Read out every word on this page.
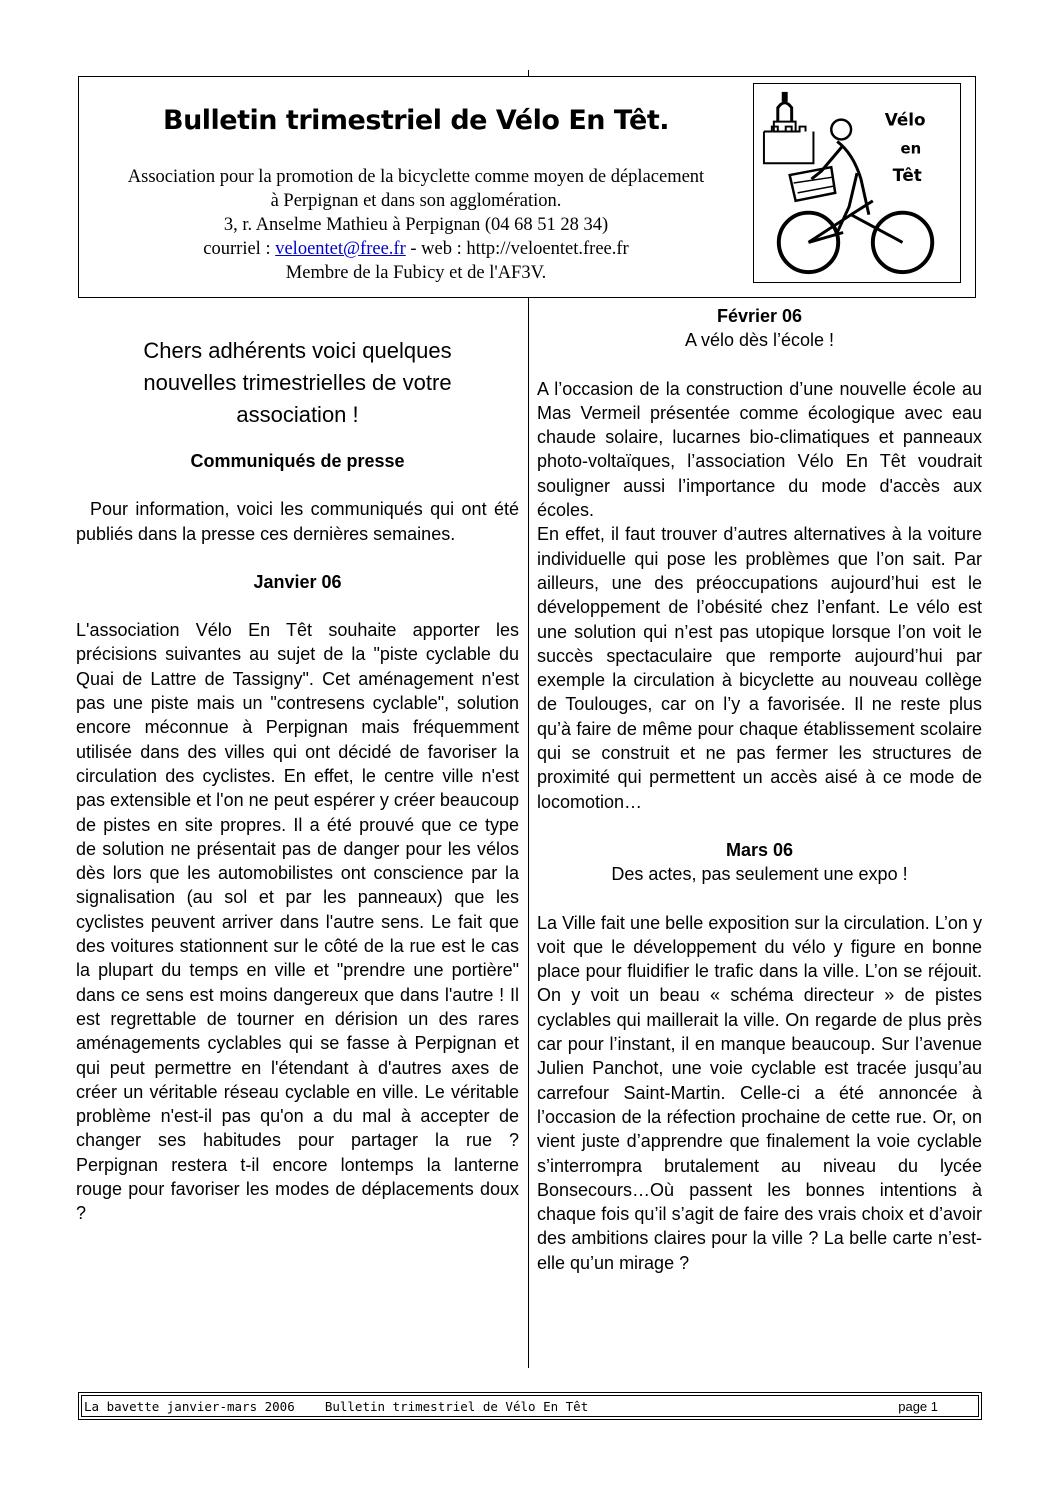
Bulletin trimestriel de Vélo En Têt.
Association pour la promotion de la bicyclette comme moyen de déplacement
à Perpignan et dans son agglomération.
3, r. Anselme Mathieu à Perpignan (04 68 51 28 34)
courriel : veloentet@free.fr - web : http://veloentet.free.fr
Membre de la Fubicy et de l'AF3V.
Vélo
en
Têt

Chers adhérents voici quelques nouvelles trimestrielles de votre association !

Communiqués de presse

Pour information, voici les communiqués qui ont été publiés dans la presse ces dernières semaines.

Janvier 06

L'association Vélo En Têt souhaite apporter les précisions suivantes au sujet de la "piste cyclable du Quai de Lattre de Tassigny". Cet aménagement n'est pas une piste mais un "contresens cyclable", solution encore méconnue à Perpignan mais fréquemment utilisée dans des villes qui ont décidé de favoriser la circulation des cyclistes. En effet, le centre ville n'est pas extensible et l'on ne peut espérer y créer beaucoup de pistes en site propres. Il a été prouvé que ce type de solution ne présentait pas de danger pour les vélos dès lors que les automobilistes ont conscience par la signalisation (au sol et par les panneaux) que les cyclistes peuvent arriver dans l'autre sens. Le fait que des voitures stationnent sur le côté de la rue est le cas la plupart du temps en ville et "prendre une portière" dans ce sens est moins dangereux que dans l'autre ! Il est regrettable de tourner en dérision un des rares aménagements cyclables qui se fasse à Perpignan et qui peut permettre en l'étendant à d'autres axes de créer un véritable réseau cyclable en ville. Le véritable problème n'est-il pas qu'on a du mal à accepter de changer ses habitudes pour partager la rue ? Perpignan restera t-il encore lontemps la lanterne rouge pour favoriser les modes de déplacements doux ?

Février 06

A vélo dès l’école !

A l’occasion de la construction d’une nouvelle école au Mas Vermeil présentée comme écologique avec eau chaude solaire, lucarnes bio-climatiques et panneaux photo-voltaïques, l’association Vélo En Têt voudrait souligner aussi l’importance du mode d'accès aux écoles.

En effet, il faut trouver d’autres alternatives à la voiture individuelle qui pose les problèmes que l’on sait. Par ailleurs, une des préoccupations aujourd’hui est le développement de l’obésité chez l’enfant. Le vélo est une solution qui n’est pas utopique lorsque l’on voit le succès spectaculaire que remporte aujourd’hui par exemple la circulation à bicyclette au nouveau collège de Toulouges, car on l’y a favorisée. Il ne reste plus qu’à faire de même pour chaque établissement scolaire qui se construit et ne pas fermer les structures de proximité qui permettent un accès aisé à ce mode de locomotion…

Mars 06

Des actes, pas seulement une expo !

La Ville fait une belle exposition sur la circulation. L’on y voit que le développement du vélo y figure en bonne place pour fluidifier le trafic dans la ville. L’on se réjouit. On y voit un beau « schéma directeur » de pistes cyclables qui maillerait la ville. On regarde de plus près car pour l’instant, il en manque beaucoup. Sur l’avenue Julien Panchot, une voie cyclable est tracée jusqu’au carrefour Saint-Martin. Celle-ci a été annoncée à l’occasion de la réfection prochaine de cette rue. Or, on vient juste d’apprendre que finalement la voie cyclable s’interrompra brutalement au niveau du lycée Bonsecours…Où passent les bonnes intentions à chaque fois qu’il s’agit de faire des vrais choix et d’avoir des ambitions claires pour la ville ? La belle carte n’est-elle qu’un mirage ?

La bavette janvier-mars 2006    Bulletin trimestriel de Vélo En Têt	page 1
